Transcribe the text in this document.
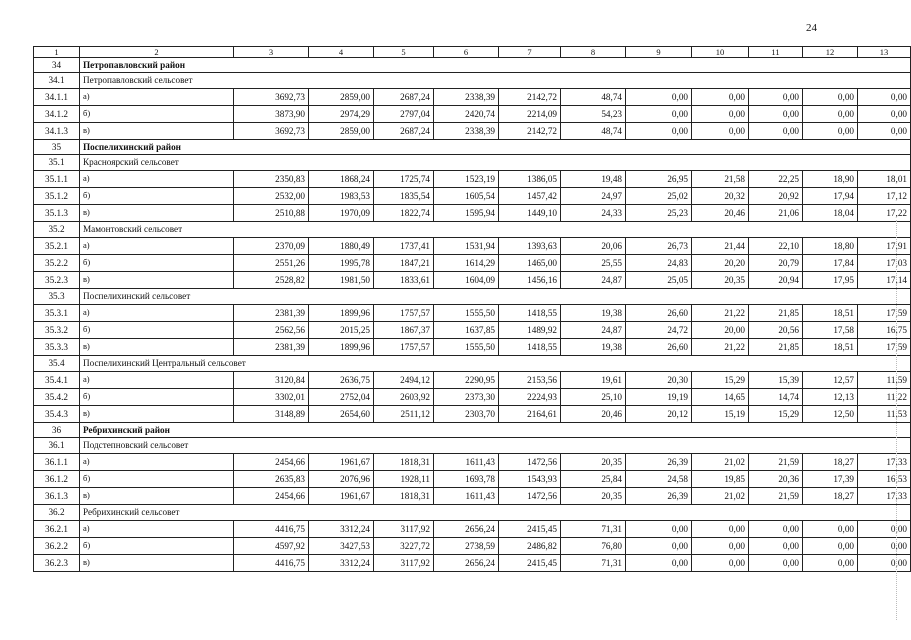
24
1	2	3	4	5	6	7	8	9	10	11	12	13
34	Петропавловский район											
34.1	Петропавловский сельсовет											
34.1.1	а)	3692,73	2859,00	2687,24	2338,39	2142,72	48,74	0,00	0,00	0,00	0,00	0,00
34.1.2	б)	3873,90	2974,29	2797,04	2420,74	2214,09	54,23	0,00	0,00	0,00	0,00	0,00
34.1.3	в)	3692,73	2859,00	2687,24	2338,39	2142,72	48,74	0,00	0,00	0,00	0,00	0,00
35	Поспелихинский район											
35.1	Красноярский сельсовет											
35.1.1	а)	2350,83	1868,24	1725,74	1523,19	1386,05	19,48	26,95	21,58	22,25	18,90	18,01
35.1.2	б)	2532,00	1983,53	1835,54	1605,54	1457,42	24,97	25,02	20,32	20,92	17,94	17,12
35.1.3	в)	2510,88	1970,09	1822,74	1595,94	1449,10	24,33	25,23	20,46	21,06	18,04	17,22
35.2	Мамонтовский сельсовет											
35.2.1	а)	2370,09	1880,49	1737,41	1531,94	1393,63	20,06	26,73	21,44	22,10	18,80	17,91
35.2.2	б)	2551,26	1995,78	1847,21	1614,29	1465,00	25,55	24,83	20,20	20,79	17,84	17,03
35.2.3	в)	2528,82	1981,50	1833,61	1604,09	1456,16	24,87	25,05	20,35	20,94	17,95	17,14
35.3	Поспелихинский сельсовет											
35.3.1	а)	2381,39	1899,96	1757,57	1555,50	1418,55	19,38	26,60	21,22	21,85	18,51	17,59
35.3.2	б)	2562,56	2015,25	1867,37	1637,85	1489,92	24,87	24,72	20,00	20,56	17,58	16,75
35.3.3	в)	2381,39	1899,96	1757,57	1555,50	1418,55	19,38	26,60	21,22	21,85	18,51	17,59
35.4	Поспелихинский Центральный сельсовет											
35.4.1	а)	3120,84	2636,75	2494,12	2290,95	2153,56	19,61	20,30	15,29	15,39	12,57	11,59
35.4.2	б)	3302,01	2752,04	2603,92	2373,30	2224,93	25,10	19,19	14,65	14,74	12,13	11,22
35.4.3	в)	3148,89	2654,60	2511,12	2303,70	2164,61	20,46	20,12	15,19	15,29	12,50	11,53
36	Ребрихинский район											
36.1	Подстепновский сельсовет											
36.1.1	а)	2454,66	1961,67	1818,31	1611,43	1472,56	20,35	26,39	21,02	21,59	18,27	17,33
36.1.2	б)	2635,83	2076,96	1928,11	1693,78	1543,93	25,84	24,58	19,85	20,36	17,39	16,53
36.1.3	в)	2454,66	1961,67	1818,31	1611,43	1472,56	20,35	26,39	21,02	21,59	18,27	17,33
36.2	Ребрихинский сельсовет											
36.2.1	а)	4416,75	3312,24	3117,92	2656,24	2415,45	71,31	0,00	0,00	0,00	0,00	0,00
36.2.2	б)	4597,92	3427,53	3227,72	2738,59	2486,82	76,80	0,00	0,00	0,00	0,00	0,00
36.2.3	в)	4416,75	3312,24	3117,92	2656,24	2415,45	71,31	0,00	0,00	0,00	0,00	0,00
